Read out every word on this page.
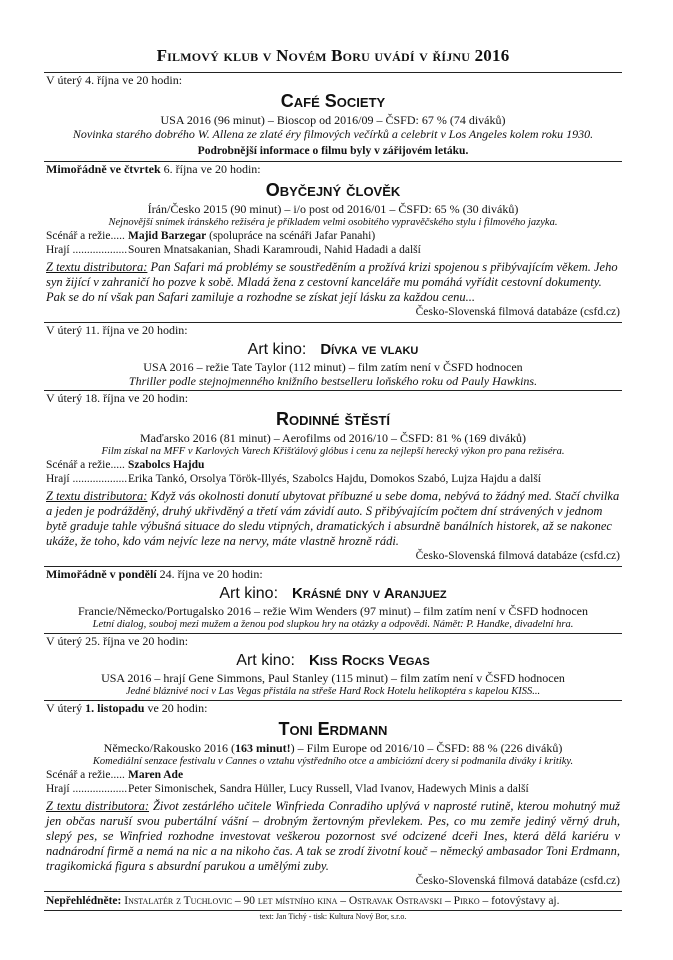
Filmový klub v Novém Boru uvádí v říjnu 2016
V úterý 4. října ve 20 hodin:
Café Society
USA 2016 (96 minut) – Bioscop od 2016/09 – ČSFD: 67 % (74 diváků)
Novinka starého dobrého W. Allena ze zlaté éry filmových večírků a celebrit v Los Angeles kolem roku 1930.
Podrobnější informace o filmu byly v zářijovém letáku.
Mimořádně ve čtvrtek 6. října ve 20 hodin:
Obyčejný člověk
Írán/Česko 2015 (90 minut) – i/o post od 2016/01 – ČSFD: 65 % (30 diváků)
Nejnovější snímek íránského režiséra je příkladem velmi osobitého vypravěčského stylu i filmového jazyka.
Scénář a režie..... Majid Barzegar (spolupráce na scénáři Jafar Panahi)
Hrají ................... Souren Mnatsakanian, Shadi Karamroudi, Nahid Hadadi a další
Z textu distributora: Pan Safari má problémy se soustředěním a prožívá krizi spojenou s přibývajícím věkem. Jeho syn žijící v zahraničí ho pozve k sobě. Mladá žena z cestovní kanceláře mu pomáhá vyřídit cestovní dokumenty. Pak se do ní však pan Safari zamiluje a rozhodne se získat její lásku za každou cenu...
Česko-Slovenská filmová databáze (csfd.cz)
V úterý 11. října ve 20 hodin:
Art kino: Dívka ve vlaku
USA 2016 – režie Tate Taylor (112 minut) – film zatím není v ČSFD hodnocen
Thriller podle stejnojmenného knižního bestselleru loňského roku od Pauly Hawkins.
V úterý 18. října ve 20 hodin:
Rodinné štěstí
Maďarsko 2016 (81 minut) – Aerofilms od 2016/10 – ČSFD: 81 % (169 diváků)
Film získal na MFF v Karlových Varech Křišťálový glóbus i cenu za nejlepší herecký výkon pro pana režiséra.
Scénář a režie..... Szabolcs Hajdu
Hrají ................... Erika Tankó, Orsolya Török-Illyés, Szabolcs Hajdu, Domokos Szabó, Lujza Hajdu a další
Z textu distributora: Když vás okolnosti donutí ubytovat příbuzné u sebe doma, nebývá to žádný med. Stačí chvilka a jeden je podrážděný, druhý ukřivděný a třetí vám závidí auto. S přibývajícím počtem dní strávených v jednom bytě graduje tahle výbušná situace do sledu vtipných, dramatických i absurdně banálních historek, až se nakonec ukáže, že toho, kdo vám nejvíc leze na nervy, máte vlastně hrozně rádi.
Česko-Slovenská filmová databáze (csfd.cz)
Mimořádně v pondělí 24. října ve 20 hodin:
Art kino: Krásné dny v Aranjuez
Francie/Německo/Portugalsko 2016 – režie Wim Wenders (97 minut) – film zatím není v ČSFD hodnocen
Letní dialog, souboj mezi mužem a ženou pod slupkou hry na otázky a odpovědi. Námět: P. Handke, divadelní hra.
V úterý 25. října ve 20 hodin:
Art kino: Kiss Rocks Vegas
USA 2016 – hrají Gene Simmons, Paul Stanley (115 minut) – film zatím není v ČSFD hodnocen
Jedné bláznivé noci v Las Vegas přistála na střeše Hard Rock Hotelu helikoptéra s kapelou KISS...
V úterý 1. listopadu ve 20 hodin:
Toni Erdmann
Německo/Rakousko 2016 (163 minut!) – Film Europe od 2016/10 – ČSFD: 88 % (226 diváků)
Komediální senzace festivalu v Cannes o vztahu výstředního otce a ambiciózní dcery si podmanila diváky i kritiky.
Scénář a režie..... Maren Ade
Hrají ................... Peter Simonischek, Sandra Hüller, Lucy Russell, Vlad Ivanov, Hadewych Minis a další
Z textu distributora: Život zestárlého učitele Winfrieda Conradiho uplývá v naprosté rutině, kterou mohutný muž jen občas naruší svou pubertální vášní – drobným žertovným převlekem. Pes, co mu zemře jediný věrný druh, slepý pes, se Winfried rozhodne investovat veškerou pozornost své odcizené dceři Ines, která dělá kariéru v nadnárodní firmě a nemá na nic a na nikoho čas. A tak se zrodí životní kouč – německý ambasador Toni Erdmann, tragikomická figura s absurdní parukou a umělými zuby.
Česko-Slovenská filmová databáze (csfd.cz)
Nepřehlédněte: Instalatér z Tuchlovic – 90 let místního kina – Ostravak Ostravski – Pirko – fotovýstavy aj.
text: Jan Tichý - tisk: Kultura Nový Bor, s.r.o.
